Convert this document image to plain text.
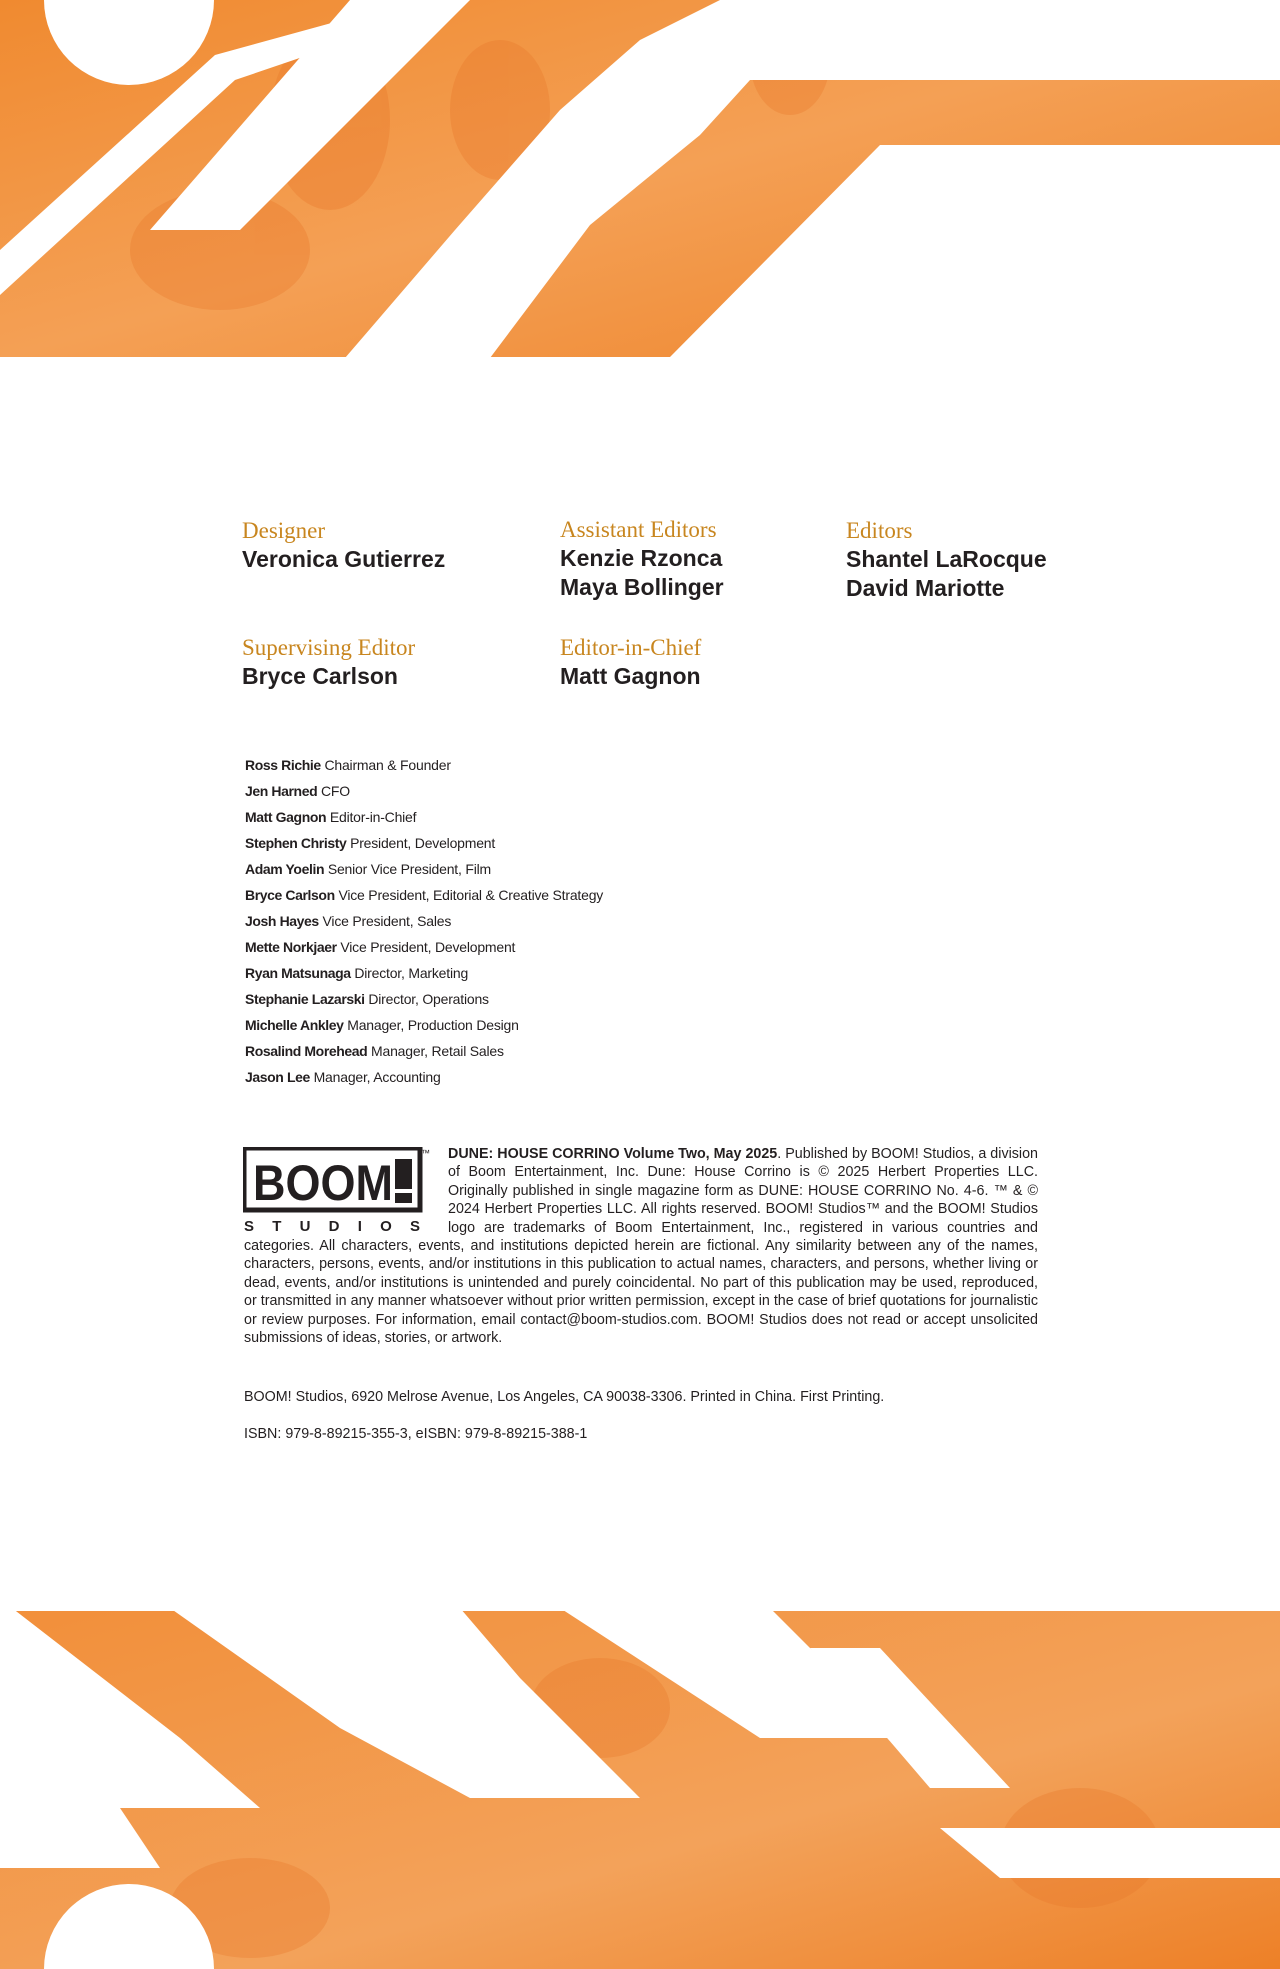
Designer
Veronica Gutierrez
Assistant Editors
Kenzie Rzonca
Maya Bollinger
Editors
Shantel LaRocque
David Mariotte
Supervising Editor
Bryce Carlson
Editor-in-Chief
Matt Gagnon
Ross Richie Chairman & Founder
Jen Harned CFO
Matt Gagnon Editor-in-Chief
Stephen Christy President, Development
Adam Yoelin Senior Vice President, Film
Bryce Carlson Vice President, Editorial & Creative Strategy
Josh Hayes Vice President, Sales
Mette Norkjaer Vice President, Development
Ryan Matsunaga Director, Marketing
Stephanie Lazarski Director, Operations
Michelle Ankley Manager, Production Design
Rosalind Morehead Manager, Retail Sales
Jason Lee Manager, Accounting
BOOM
™
STUDIOS
DUNE: HOUSE CORRINO Volume Two, May 2025. Published by BOOM! Studios, a division of Boom Entertainment, Inc. Dune: House Corrino is © 2025 Herbert Properties LLC. Originally published in single magazine form as DUNE: HOUSE CORRINO No. 4-6. ™ & © 2024 Herbert Properties LLC. All rights reserved. BOOM! Studios™ and the BOOM! Studios logo are trademarks of Boom Entertainment, Inc., registered in various countries and categories. All characters, events, and institutions depicted herein are fictional. Any similarity between any of the names, characters, persons, events, and/or institutions in this publication to actual names, characters, and persons, whether living or dead, events, and/or institutions is unintended and purely coincidental. No part of this publication may be used, reproduced, or transmitted in any manner whatsoever without prior written permission, except in the case of brief quotations for journalistic or review purposes. For information, email contact@boom-studios.com. BOOM! Studios does not read or accept unsolicited submissions of ideas, stories, or artwork.
BOOM! Studios, 6920 Melrose Avenue, Los Angeles, CA 90038-3306. Printed in China. First Printing.
ISBN: 979-8-89215-355-3, eISBN: 979-8-89215-388-1
